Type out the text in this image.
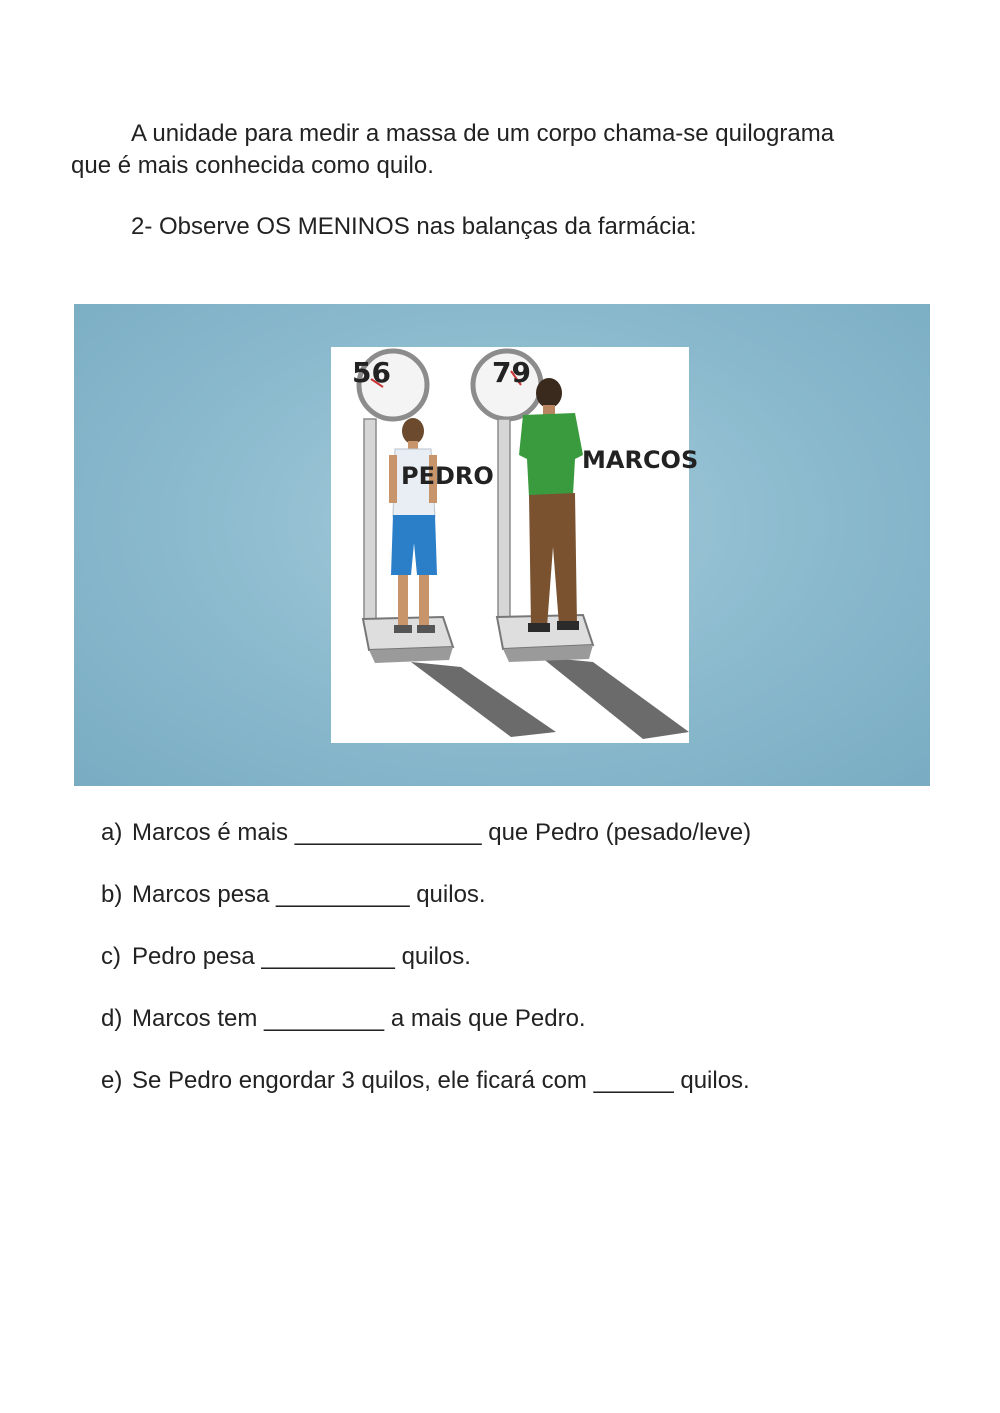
A unidade para medir a massa de um corpo chama-se quilograma
que é mais conhecida como quilo.

2- Observe OS MENINOS nas balanças da farmácia:

56	79
PEDRO
MARCOS
a) Marcos é mais ______________ que Pedro (pesado/leve)
b) Marcos pesa __________ quilos.
c) Pedro pesa __________ quilos.
d) Marcos tem _________ a mais que Pedro.
e) Se Pedro engordar 3 quilos, ele ficará com ______ quilos.
